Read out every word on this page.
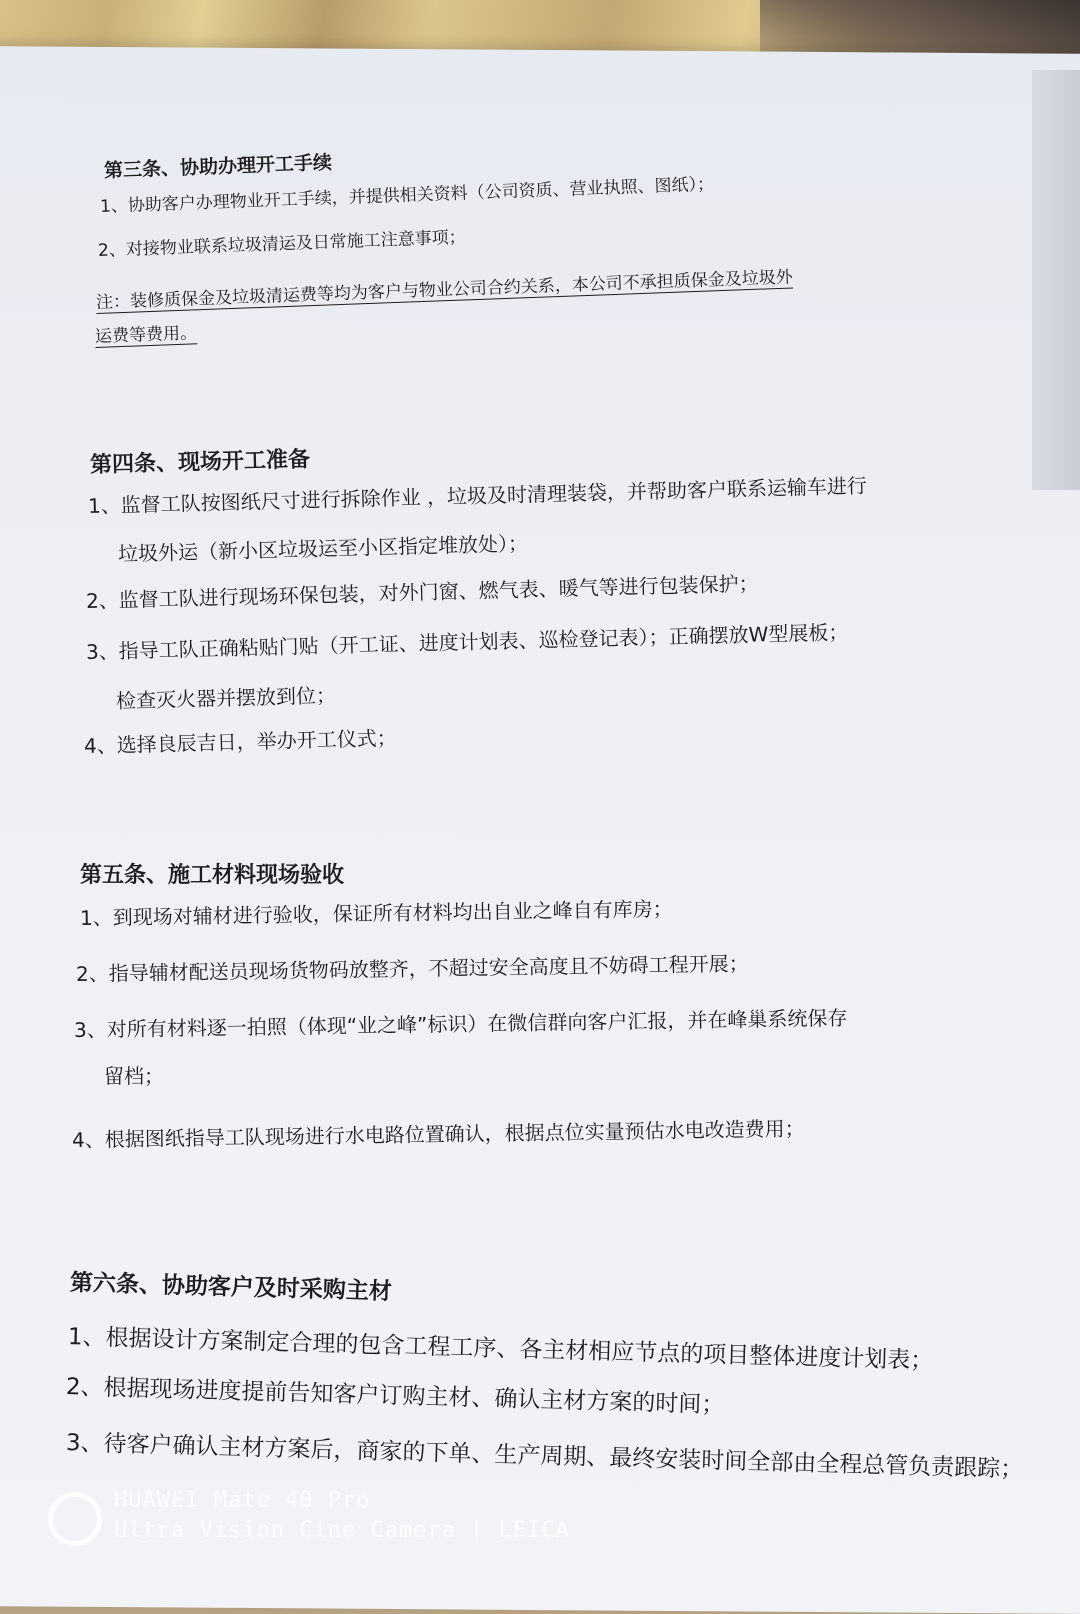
第三条、协助办理开工手续
1、协助客户办理物业开工手续，并提供相关资料（公司资质、营业执照、图纸）；
2、对接物业联系垃圾清运及日常施工注意事项；
注：装修质保金及垃圾清运费等均为客户与物业公司合约关系，本公司不承担质保金及垃圾外
运费等费用。
第四条、现场开工准备
1、监督工队按图纸尺寸进行拆除作业 ，垃圾及时清理装袋，并帮助客户联系运输车进行
垃圾外运（新小区垃圾运至小区指定堆放处）；
2、监督工队进行现场环保包装，对外门窗、燃气表、暖气等进行包装保护；
3、指导工队正确粘贴门贴（开工证、进度计划表、巡检登记表）；正确摆放W型展板；
检查灭火器并摆放到位；
4、选择良辰吉日，举办开工仪式；
第五条、施工材料现场验收
1、到现场对辅材进行验收，保证所有材料均出自业之峰自有库房；
2、指导辅材配送员现场货物码放整齐，不超过安全高度且不妨碍工程开展；
3、对所有材料逐一拍照（体现“业之峰”标识）在微信群向客户汇报，并在峰巢系统保存
留档；
4、根据图纸指导工队现场进行水电路位置确认，根据点位实量预估水电改造费用；
第六条、协助客户及时采购主材
1、根据设计方案制定合理的包含工程工序、各主材相应节点的项目整体进度计划表；
2、根据现场进度提前告知客户订购主材、确认主材方案的时间；
3、待客户确认主材方案后，商家的下单、生产周期、最终安装时间全部由全程总管负责跟踪；
HUAWEI Mate 40 Pro
Ultra Vision Cine Camera | LEICA
